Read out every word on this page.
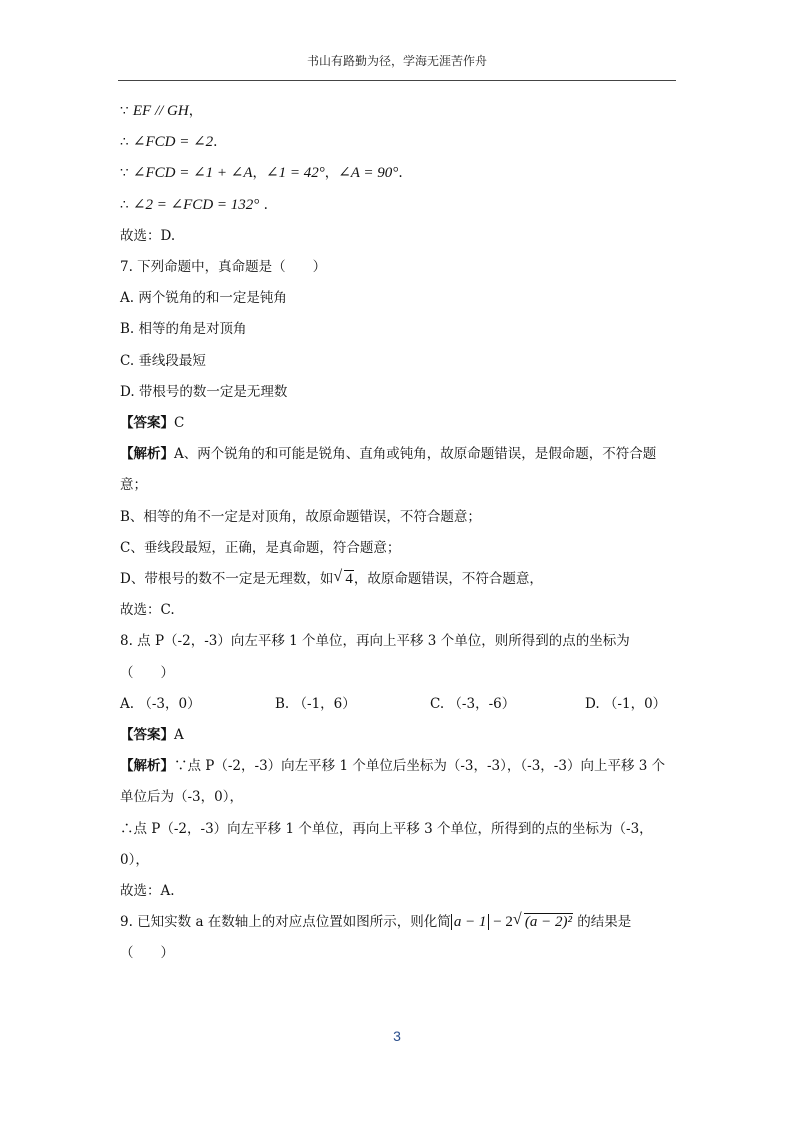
书山有路勤为径，学海无涯苦作舟
∵ EF // GH，
∴ ∠FCD = ∠2.
∵ ∠FCD = ∠1 + ∠A，∠1 = 42°，∠A = 90°.
∴ ∠2 = ∠FCD = 132° .
故选：D.
7. 下列命题中，真命题是（　　）
A. 两个锐角的和一定是钝角
B. 相等的角是对顶角
C. 垂线段最短
D. 带根号的数一定是无理数
【答案】C
【解析】A、两个锐角的和可能是锐角、直角或钝角，故原命题错误，是假命题，不符合题意；
B、相等的角不一定是对顶角，故原命题错误，不符合题意；
C、垂线段最短，正确，是真命题，符合题意；
D、带根号的数不一定是无理数，如 √ 4，故原命题错误，不符合题意，
故选：C.
8. 点 P（-2，-3）向左平移 1 个单位，再向上平移 3 个单位，则所得到的点的坐标为
（　　）
A. （-3，0）	B. （-1，6）	C. （-3，-6）	D. （-1，0）
【答案】A
【解析】∵点 P（-2，-3）向左平移 1 个单位后坐标为（-3，-3），（-3，-3）向上平移 3 个
单位后为（-3，0），
∴点 P（-2，-3）向左平移 1 个单位，再向上平移 3 个单位，所得到的点的坐标为（-3，
0），
故选：A.
9. 已知实数 a 在数轴上的对应点位置如图所示，则化简 a − 1 − 2 √ (a − 2)² 的结果是
（　　）
3
